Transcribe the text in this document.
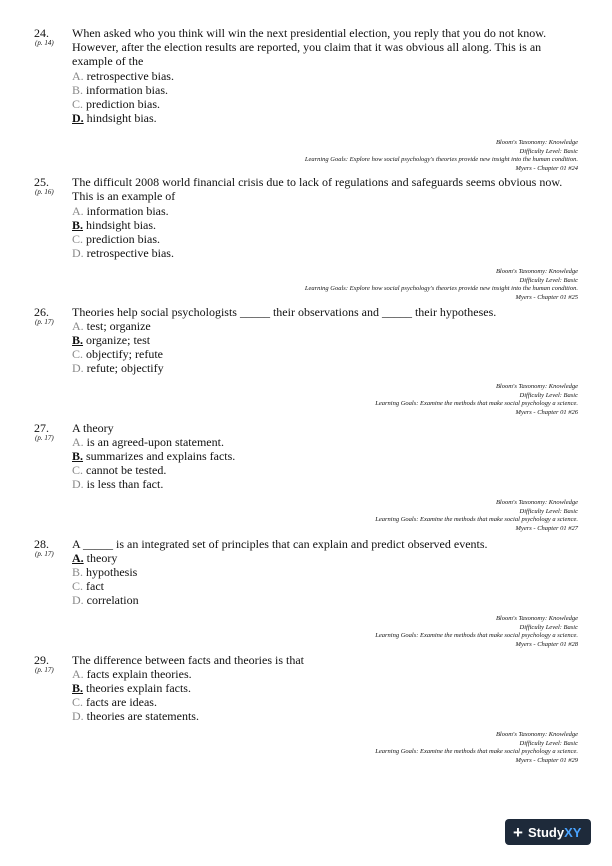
24.
(p. 14)
When asked who you think will win the next presidential election, you reply that you do not know. However, after the election results are reported, you claim that it was obvious all along. This is an example of the
A. retrospective bias.
B. information bias.
C. prediction bias.
D. hindsight bias.
Bloom's Taxonomy: Knowledge
Difficulty Level: Basic
Learning Goals: Explore how social psychology's theories provide new insight into the human condition.
Myers - Chapter 01 #24
25.
(p. 16)
The difficult 2008 world financial crisis due to lack of regulations and safeguards seems obvious now. This is an example of
A. information bias.
B. hindsight bias.
C. prediction bias.
D. retrospective bias.
Bloom's Taxonomy: Knowledge
Difficulty Level: Basic
Learning Goals: Explore how social psychology's theories provide new insight into the human condition.
Myers - Chapter 01 #25
26.
(p. 17)
Theories help social psychologists _____ their observations and _____ their hypotheses.
A. test; organize
B. organize; test
C. objectify; refute
D. refute; objectify
Bloom's Taxonomy: Knowledge
Difficulty Level: Basic
Learning Goals: Examine the methods that make social psychology a science.
Myers - Chapter 01 #26
27.
(p. 17)
A theory
A. is an agreed-upon statement.
B. summarizes and explains facts.
C. cannot be tested.
D. is less than fact.
Bloom's Taxonomy: Knowledge
Difficulty Level: Basic
Learning Goals: Examine the methods that make social psychology a science.
Myers - Chapter 01 #27
28.
(p. 17)
A _____ is an integrated set of principles that can explain and predict observed events.
A. theory
B. hypothesis
C. fact
D. correlation
Bloom's Taxonomy: Knowledge
Difficulty Level: Basic
Learning Goals: Examine the methods that make social psychology a science.
Myers - Chapter 01 #28
29.
(p. 17)
The difference between facts and theories is that
A. facts explain theories.
B. theories explain facts.
C. facts are ideas.
D. theories are statements.
Bloom's Taxonomy: Knowledge
Difficulty Level: Basic
Learning Goals: Examine the methods that make social psychology a science.
Myers - Chapter 01 #29
+ Study XY
